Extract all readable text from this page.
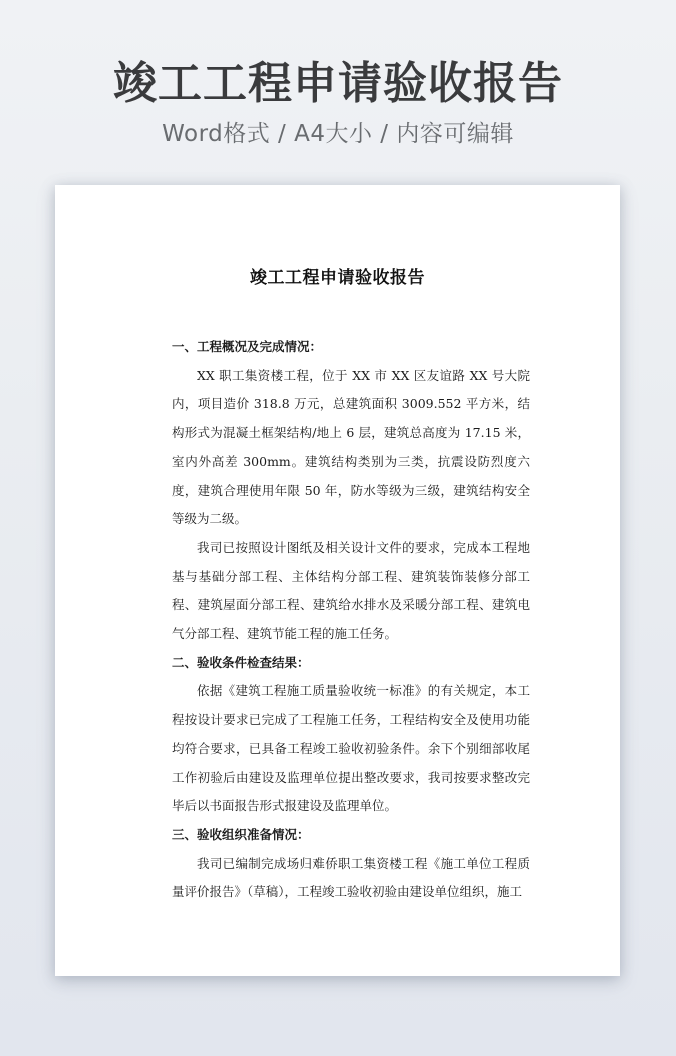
竣工工程申请验收报告
Word格式 / A4大小 / 内容可编辑
竣工工程申请验收报告

一、工程概况及完成情况：

XX 职工集资楼工程，位于 XX 市 XX 区友谊路 XX 号大院内，项目造价 318.8 万元，总建筑面积 3009.552 平方米，结构形式为混凝土框架结构/地上 6 层，建筑总高度为 17.15 米，室内外高差 300mm。建筑结构类别为三类，抗震设防烈度六度，建筑合理使用年限 50 年，防水等级为三级，建筑结构安全等级为二级。

我司已按照设计图纸及相关设计文件的要求，完成本工程地基与基础分部工程、主体结构分部工程、建筑装饰装修分部工程、建筑屋面分部工程、建筑给水排水及采暖分部工程、建筑电气分部工程、建筑节能工程的施工任务。

二、验收条件检查结果：

依据《建筑工程施工质量验收统一标准》的有关规定，本工程按设计要求已完成了工程施工任务，工程结构安全及使用功能均符合要求，已具备工程竣工验收初验条件。余下个别细部收尾工作初验后由建设及监理单位提出整改要求，我司按要求整改完毕后以书面报告形式报建设及监理单位。

三、验收组织准备情况：

我司已编制完成场归难侨职工集资楼工程《施工单位工程质量评价报告》（草稿），工程竣工验收初验由建设单位组织，施工
